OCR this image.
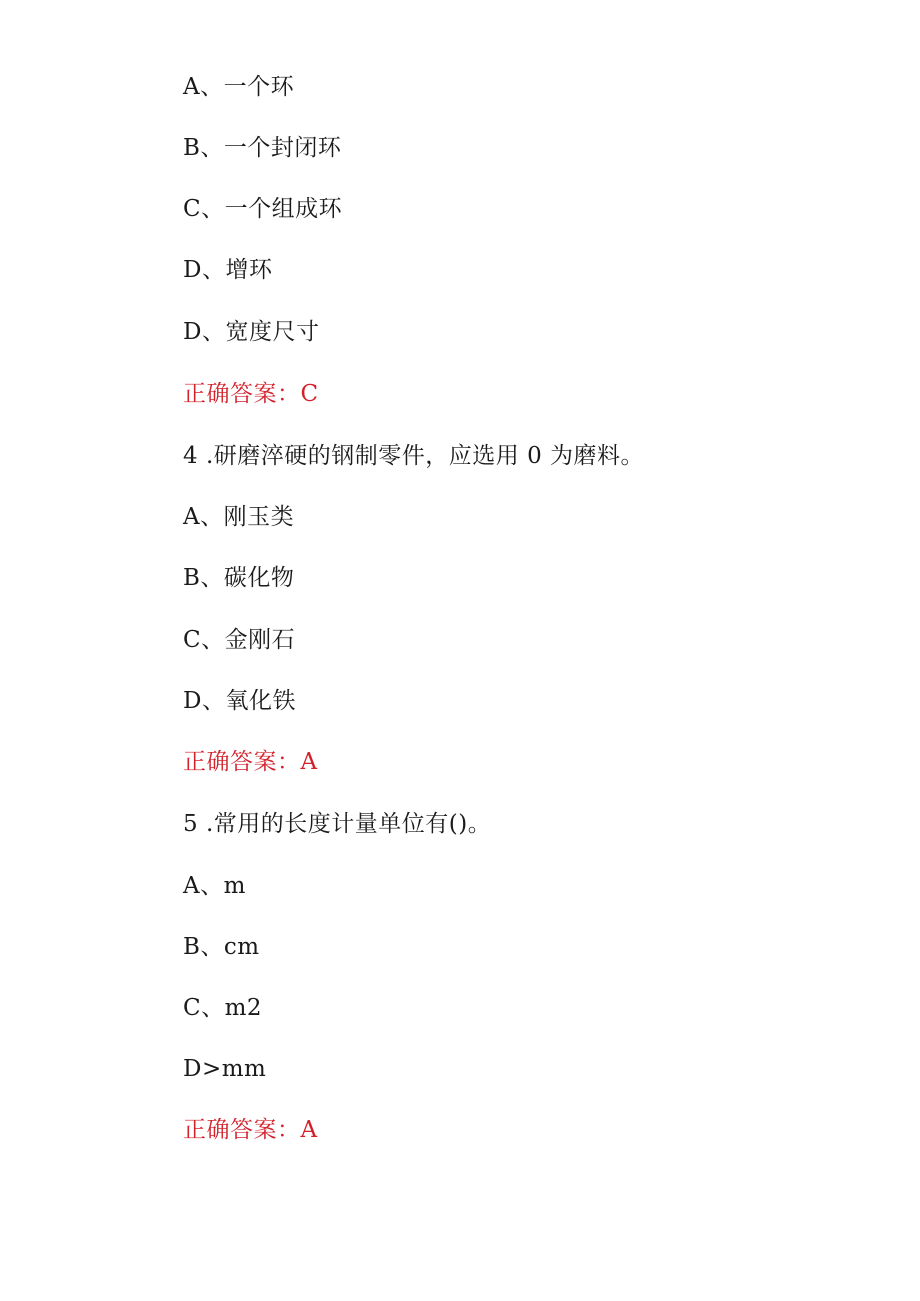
A、一个环
B、一个封闭环
C、一个组成环
D、增环
D、宽度尺寸
正确答案：C
4 .研磨淬硬的钢制零件，应选用 0 为磨料。
A、刚玉类
B、碳化物
C、金刚石
D、氧化铁
正确答案：A
5 .常用的长度计量单位有()。
A、m
B、cm
C、m2
D>mm
正确答案：A
